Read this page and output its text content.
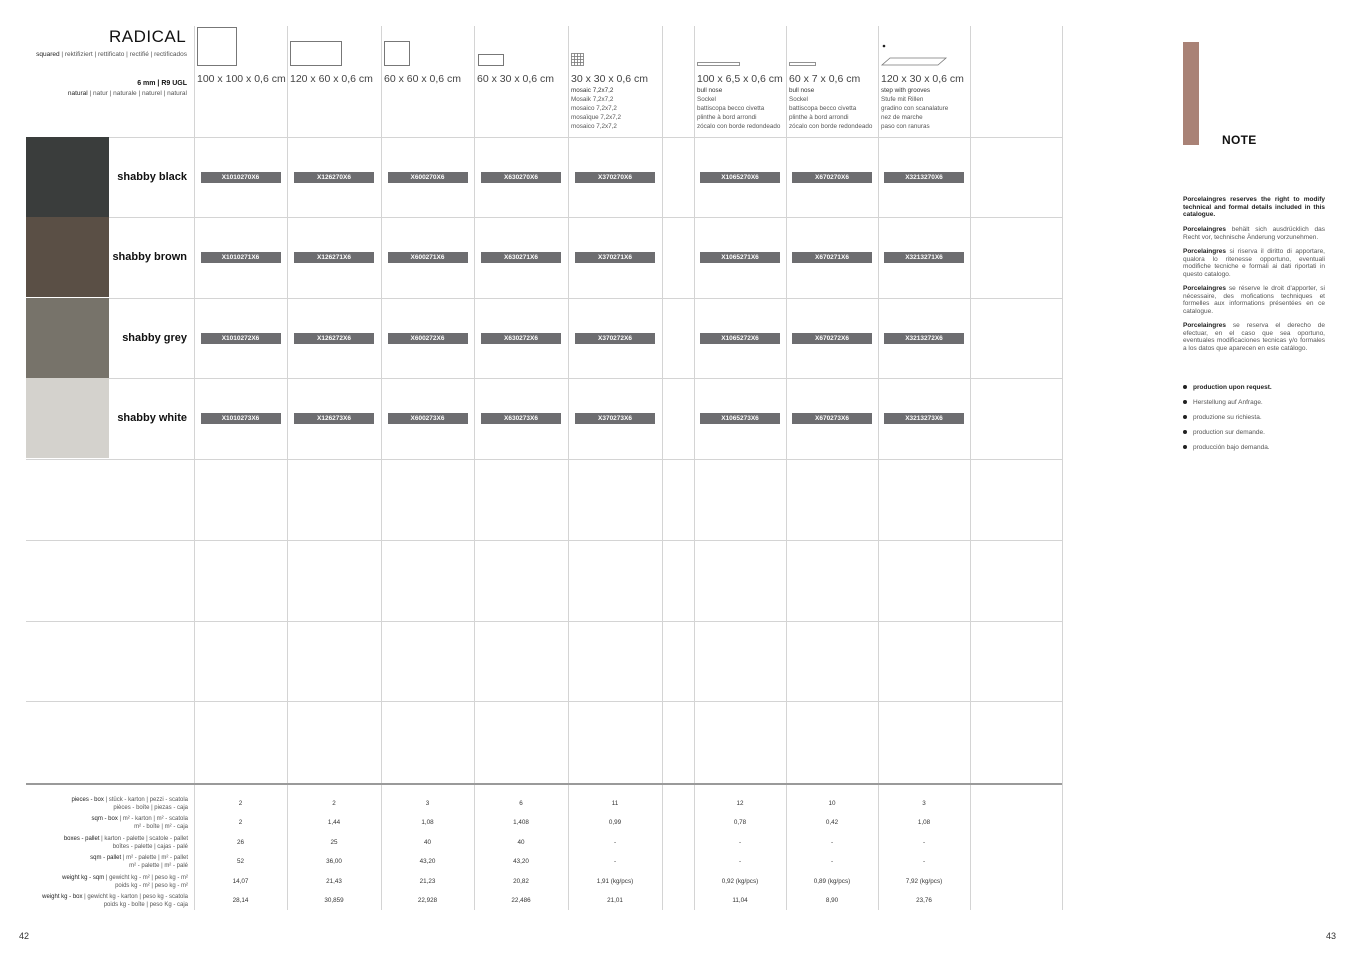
RADICAL
squared | rektifiziert | rettificato | rectifié | rectificados
6 mm | R9 UGL
natural | natur | naturale | naturel | natural
100 x 100 x 0,6 cm 120 x 60 x 0,6 cm 60 x 60 x 0,6 cm 60 x 30 x 0,6 cm 30 x 30 x 0,6 cm
mosaic 7,2x7,2
Mosaik 7,2x7,2
mosaico 7,2x7,2
mosaïque 7,2x7,2
mosaico 7,2x7,2
100 x 6,5 x 0,6 cm
bull nose
Sockel
battiscopa becco civetta
plinthe à bord arrondi
zócalo con borde redondeado
60 x 7 x 0,6 cm
bull nose
Sockel
battiscopa becco civetta
plinthe à bord arrondi
zócalo con borde redondeado
120 x 30 x 0,6 cm
step with grooves
Stufe mit Rillen
gradino con scanalature
nez de marche
paso con ranuras
shabby black	X1010270X6	X126270X6	X600270X6	X630270X6	X370270X6	X1065270X6	X670270X6	X3213270X6
shabby brown	X1010271X6	X126271X6	X600271X6	X630271X6	X370271X6	X1065271X6	X670271X6	X3213271X6
shabby grey	X1010272X6	X126272X6	X600272X6	X630272X6	X370272X6	X1065272X6	X670272X6	X3213272X6
shabby white	X1010273X6	X126273X6	X600273X6	X630273X6	X370273X6	X1065273X6	X670273X6	X3213273X6
pieces - box | stück - karton | pezzi - scatola
pièces - boîte | piezas - caja
2	2	3	6	11	12	10	3
sqm - box | m² - karton | m² - scatola
m² - boîte | m² - caja
2	1,44	1,08	1,408	0,99	0,78	0,42	1,08
boxes - pallet | karton - palette | scatole - pallet
boîtes - palette | cajas - palé
26	25	40	40	-	-	-	-
sqm - pallet | m² - palette | m² - pallet
m² - palette | m² - palé
52	36,00	43,20	43,20	-	-	-	-
weight kg - sqm | gewicht kg - m² | peso kg - m²
poids kg - m² | peso kg - m²
14,07	21,43	21,23	20,82	1,91 (kg/pcs)	0,92 (kg/pcs)	0,89 (kg/pcs)	7,92 (kg/pcs)
weight kg - box | gewicht kg - karton | peso kg - scatola
poids kg - boîte | peso Kg - caja
28,14	30,859	22,928	22,486	21,01	11,04	8,90	23,76
NOTE
Porcelaingres reserves the right to modify technical and formal details included in this catalogue.
Porcelaingres behält sich ausdrücklich das Recht vor, technische Änderung vorzunehmen.
Porcelaingres si riserva il diritto di apportare, qualora lo ritenesse opportuno, eventuali modifiche tecniche e formali ai dati riportati in questo catalogo.
Porcelaingres se réserve le droit d'apporter, si nécessaire, des mofications techniques et formelles aux informations présentées en ce catalogue.
Porcelaingres se reserva el derecho de efectuar, en el caso que sea oportuno, eventuales modificaciones tecnicas y/o formales a los datos que aparecen en este catálogo.
production upon request.
Herstellung auf Anfrage.
produzione su richiesta.
production sur demande.
producción bajo demanda.
42	43
